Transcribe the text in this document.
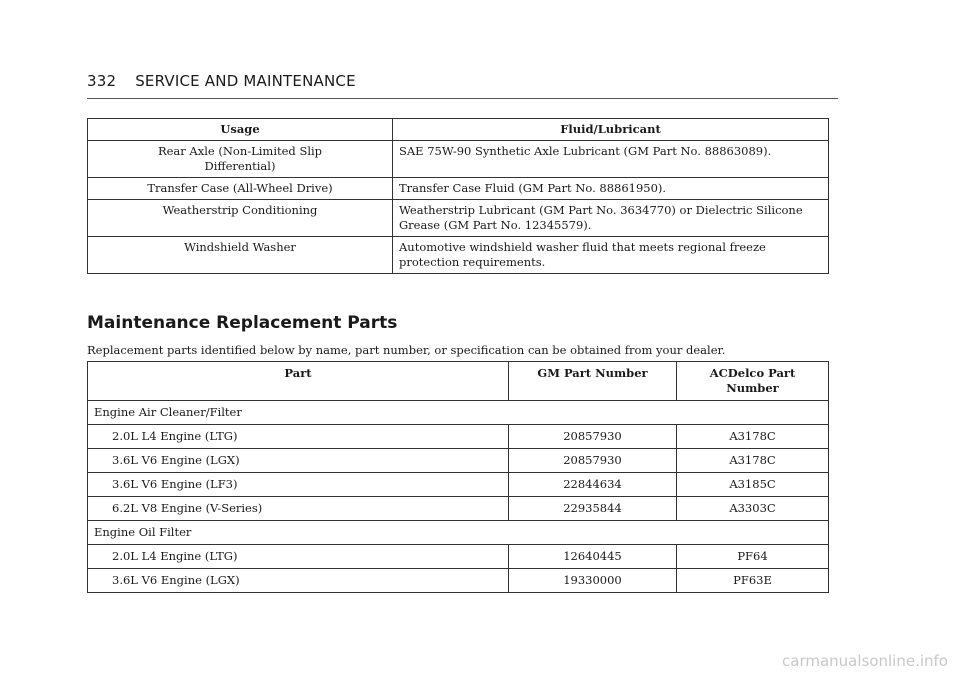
332 SERVICE AND MAINTENANCE
Usage	Fluid/Lubricant
Rear Axle (Non-Limited Slip Differential)	SAE 75W-90 Synthetic Axle Lubricant (GM Part No. 88863089).
Transfer Case (All-Wheel Drive)	Transfer Case Fluid (GM Part No. 88861950).
Weatherstrip Conditioning	Weatherstrip Lubricant (GM Part No. 3634770) or Dielectric Silicone Grease (GM Part No. 12345579).
Windshield Washer	Automotive windshield washer fluid that meets regional freeze protection requirements.
Maintenance Replacement Parts
Replacement parts identified below by name, part number, or specification can be obtained from your dealer.
Part	GM Part Number	ACDelco Part Number
Engine Air Cleaner/Filter		
2.0L L4 Engine (LTG)	20857930	A3178C
3.6L V6 Engine (LGX)	20857930	A3178C
3.6L V6 Engine (LF3)	22844634	A3185C
6.2L V8 Engine (V-Series)	22935844	A3303C
Engine Oil Filter		
2.0L L4 Engine (LTG)	12640445	PF64
3.6L V6 Engine (LGX)	19330000	PF63E
carmanualsonline.info
